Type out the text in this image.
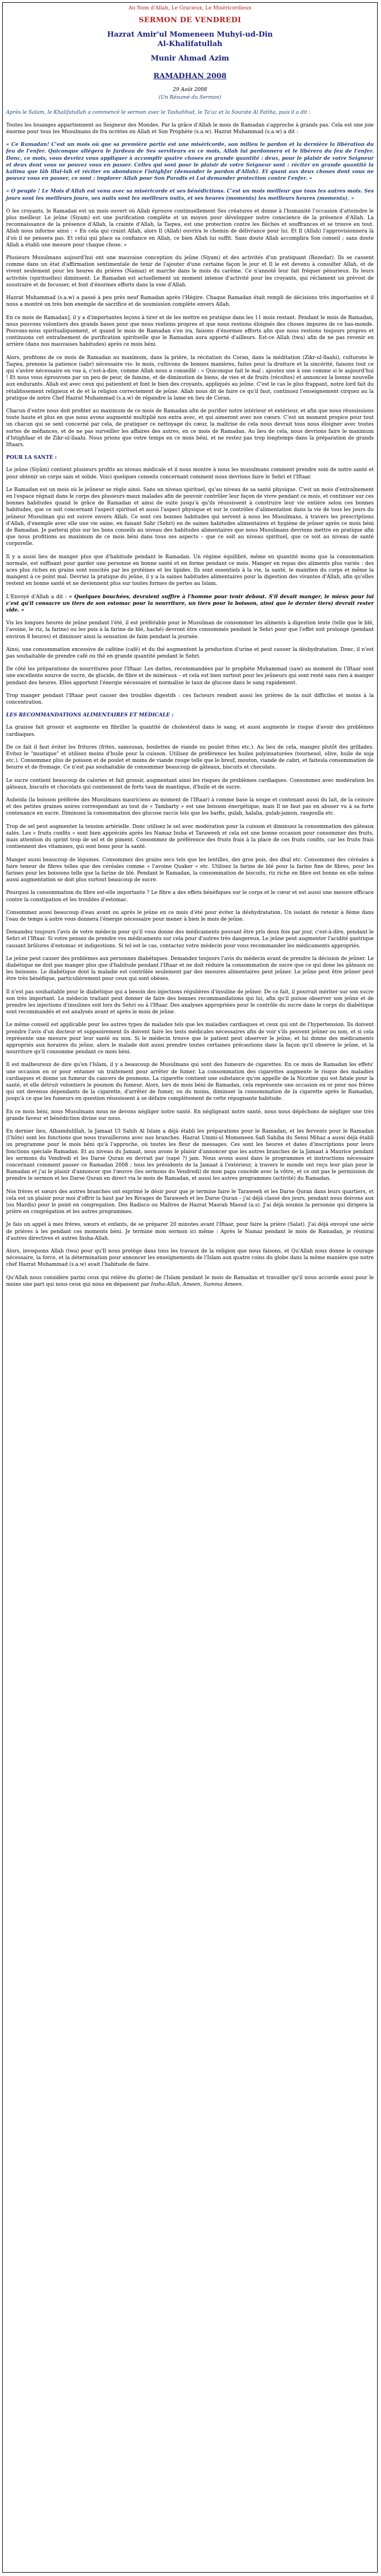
Au Nom d'Allah, Le Gracieux, Le Miséricordieux

SERMON DE VENDREDI

Hazrat Amir'ul Momeneen Muhyi-ud-Din

Al-Khalifatullah

Munir Ahmad Azim

RAMADHAN 2008

29 Août 2008

(Un Résumé du Sermon)

Après le Salam, le Khalifatullah a commencé le sermon avec le Tashahhud, le Ta'uz et la Sourate Al Fatiha, puis il a dit :

Toutes les louanges appartiennent au Seigneur des Mondes. Par la grâce d'Allah le mois de Ramadan s'approche à grands pas. Cela est une joie énorme pour tous les Musulmans de fra ncrètes en Allah et Son Prophète (s.a.w). Hazrat Muhammad (s.a.w) a dit :

« Ce Ramadan! C'est un mois où que sa première partie est une miséricorde, son milieu le pardon et la dernière la libération du feu de l'enfer. Quiconque allégera le fardeau de Ses serviteurs en ce mois, Allah lui pardonnera et le libérera du feu de l'enfer. Donc, ce mois, vous devriez vous appliquer à accomplir quatre choses en grande quantité : deux, pour le plaisir de votre Seigneur et deux dont vous ne pouvez vous en passer. Celles qui sont pour le plaisir de votre Seigneur sont : réciter en grande quantité la kalima que lâh illal-lah et réciter en abondance l'istighfar (demander le pardon d'Allah). Et quant aux deux choses dont vous ne pouvez vous en passer, ce sont : implorer Allah pour Son Paradis et Lui demander protection contre l'enfer. »

« O peuple ! Le Mois d'Allah est venu avec sa miséricorde et ses bénédictions. C'est un mois meilleur que tous les autres mois. Ses jours sont les meilleurs jours, ses nuits sont les meilleurs nuits, et ses heures (moments) les meilleurs heures (moments). »

O les croyants, le Ramadan est un mois ouvert où Allah éprouve continuellement Ses créatures et donne à l'humanité l'occasion d'atteindre le plus meilleur. Le jeûne (Siyam) est une purification complète et un moyen pour développer notre conscience de la présence d'Allah. La reconnaissance de la présence d'Allah, la crainte d'Allah, la Taqwa, est une protection contre les flèches et souffrances et se trouve en tout. Allah nous informe ainsi : « En cela qui craint Allah, alors Il (Allah) ouvrira le chemin de délivrance pour lui. Et Il (Allah) l'approvisionnera là d'où il ne pensera pas. Et celui qui place sa confiance en Allah, ce bien Allah lui suffit. Sans doute Allah accomplira Son conseil ; sans doute Allah a établi une mesure pour chaque chose. »

Plusieurs Musulmans aujourd'hui ont une mauvaise conception du jeûne (Siyam) et des activités d'un pratiquant (Rozedar). Ils se cassent comme dans un état d'affirmation sentimentale de tenir de l'ajouter d'une certaine façon le jour et Il le est devenu à consulter Allah, et de vivent seulement pour les heures du prières (Namaz) et marche dans le mois du carême. Ce n'annoté leur fait fréquer pénurieux. Ils leurs activités (spirituelles) diminuent. Le Ramadan est actuellement un moment intense d'activité pour les croyants, qui réclament un prévost de soustraire et de focusser, et font d'énormes efforts dans la voie d'Allah.

Hazrat Muhammad (s.a.w) a passé à peu près neuf Ramadan après l'Hégire. Chaque Ramadan était rempli de décisions très importantes et il nous a montré un très bon exemple de sacrifice et de soumission complète envers Allah.

En ce mois de Ramadan], il y a d'importantes leçons à tirer et de les mettre en pratique dans les 11 mois restant. Pendant le mois de Ramadan, nous pouvons volontiers des grands bases pour que nous restions propres et que nous restions éloignés des choses impures de ce bas-monde. Pouvons-nous spiritualiquement, et quand le mois de Ramadan s'en ira, faisons d'énormes efforts afin que nous restions toujours propres et continuons cet entraînement de purification spirituelle que le Ramadan aura apporté d'ailleurs. Est-ce Allah (twa) afin de ne pas revenir en arrière (dans nos mauvaises habitudes) après ce mois béni.

Alors, profitons de ce mois de Ramadan au maximum, dans la prière, la récitation du Coran, dans la méditation (Zikr-ul-llaahi), culturons le Taqwa, prenons la patience (sabr) nécessaire vis- le mois, cultivons de bonnes manières, faites pour la droiture et la sincérité, faisons tout ce qui s'avère nécessaire en vue à, c'est-à-dire, comme Allah nous a conseillé : « Quiconque fait le mal ; ajoutez une à une comme si le aujourd'hui ! Et nous vous éprouvons par un peu de peur, de famine, et de diminution de biens, de vies et de fruits (récoltes) et annoncez la bonne nouvelle aux endurants. Allah est avec ceux qui patientent et font le bien des croyants, appliqués au jeûne. C'est le cas le plus frappant, notre lord fait du rétablissement religieux et de et la religion correctement de jeûne. Allah nous dit de faire ce qu'il faut, continuez l'enseignement cirquez au la pratique de notre Chef Hazrat Muhammad (s.a.w) de répandre la lame en lieu de Coran.

Chacun d'entre nous doit profiter au maximum de ce mois de Ramadan afin de purifier notre intérieur et extérieur, et afin que nous réussissions toute haute et plus en que nous avons augmenté multiplié nos extra avec, et qui aimeront avec nos cœurs. C'est un moment propice pour tout un chacun qui se sent concerné par cela, de pratiquer ce nettoyage du cœur, la maîtrise de cela nous devrait tous nous éloigner avec toutes sortes de méfiances, et de ne pas surveiller les affaires des autres, en ce mois de Ramadan. Au lieu de cela, nous devrions faire le maximum d'Istighfaar et de Zikr-ul-llaahi. Nous prions que votre temps en ce mois béni, et ne restez pas trop longtemps dans la préparation de grands Iftaars.

POUR LA SANTÉ :

Le jeûne (Siyâm) contient plusieurs profits au niveau médicale et il nous montre à nous les musulmans comment prendre soin de notre santé et pour obtenir un corps sain et solide. Voici quelques conseils concernant comment nous devrions faire le Sehri et l'Iftaar.

Le Ramadan est un mois où le jeûneur se règle ainsi. Sans un niveau spirituel, qu'au niveau de sa santé physique. C'est un mois d'entraînement en l'espace régnait dans le corps des plusieurs maux malades afin de pouvoir contrôler leur façon de vivre pendant ce mois, et continuer sur ces bonnes habitudes quand le grâce de Ramadan et ainsi de suite jusqu'à qu'ils réussissent à construire leur vie entière selon ces bonnes habitudes, que ce soit concernant l'aspect spirituel et aussi l'aspect physique et sur le contrôles d'alimentation dans la vie de tous les jours du jeûneur Musulman qui est suivre envers Allah. Ce sont ces bonnes habitudes qui servent à nous les Musulmans, à travers les prescriptions d'Allah, d'exemple avec elle une vie saine, en faisant Sahr (Sehri) en de saines habitudes alimentaires et hygiène de jeûner après ce mois béni de Ramadan. Je parlerai plus sur les bons conseils au niveau des habitudes alimentaires que nous Musulmans devrions mettre en pratique afin que nous profitions au maximum de ce mois béni dans tous ses aspects – que ce soit au niveau spirituel, que ce soit au niveau de santé corporelle.

Il y a aussi lieu de manger plus que d'habitude pendant le Ramadan. Un régime équilibré, même en quantité moins que la consommation normale, est suffisant pour garder une personne en bonne santé et en forme pendant ce mois. Manger en repas des aliments plus variés : des aces plus riches en grains sont suscités par les protéines et les lipides. Ils sont essentiels à la vie, la santé, le maintien du corps et même la mangent à ce point mal. Devriez la pratique du jeûne, il y a la saines habitudes alimentaires pour la digestion des vivantes d'Allah, afin qu'elles restent en bonne santé et ne deviennent plus sur toutes formes de pertes au Islam.

L'Envoyé d'Allah a dit : « Quelques bouchées, devraient suffire à l'homme pour tenir debout. S'il devait manger, le mieux pour lui c'est qu'il consacre un tiers de son estomac pour la nourriture, un tiers pour la boisson, ainsi que le dernier tiers) devrait rester vide. »

Vis les longues heures de jeûne pendant l'été, il est préférable pour le Musulman de consommer les aliments à digestion lente (telle que le blé, l'avoine, le riz, la farine) ou les pois à la farine de blé, haché) devront être consommés pendant le Sehri pour que l'effet soit prolongé (pendant environ 8 heures) et diminuer ainsi la sensation de faim pendant la journée.

Ainsi, une consommation excessive de caféine (café) et du thé augmentent la production d'urine et peut causer la déshydratation. Donc, il n'est pas souhaitable de prendre café ou thé en grande quantité pendant le Sehri.

De côté les préparations de nourritures pour l'Iftaar. Les dattes, recommandées par le prophète Muhammad (saw) au moment de l'Iftaar sont une excellente source de sucre, de glucide, de fibre et de minéraux – et cela est bien surtout pour les jeûneurs qui sont resté sans rien à manger pendant des heures. Elles apportent l'énergie nécessaire et normalise le taux de glucose dans le sang rapidement.

Trop manger pendant l'Iftaar peut causer des troubles digestifs : ces facteurs rendent aussi les prières de la nuit difficiles et moins à la concentration.

LES RECOMMANDATIONS ALIMENTAIRES ET MÉDICALE :

La graisse fait grossir et augmente en fibriller la quantité de cholestérol dans le sang, et aussi augmente le risque d'avoir des problèmes cardiaques.

De ce fait il faut éviter les fritures (frites, samousas, boulettes de viande ou poulet frites etc.). Au lieu de cela, mangez plutôt des grillades. Evitez le "mustique" et utilisez moins d'huile pour la cuisson. Utilisez de préférence les huiles polyinsaturées (tournesol, olive, huile de soja etc.). Consommez plus de poisson et de poulet et moins de viande rouge telle que le breuf, mouton, viande de cabri, et faitesla consommation de beurre et de fromage. Ce n'est pas souhaitable de consommer beaucoup de gâteaux, biscuits et chocolats.

Le sucre contient beaucoup de calories et fait grossir, augmentant ainsi les risques de problèmes cardiaques. Consommez avec modération les gâteaux, biscuits et chocolats qui contiennent de forts taux de mantique, d'huile et de sucre.

Aubeida (la boisson préférée des Musulmans mauriciens au moment de l'Iftaar) à comme base la soupe et contenant aussi du lait, de la ceinure et des petites graines noires correspondant au tout de « Tambarty » est une boisson énergétique, mais Il ne faut pas en abuser vu à sa forte contenance en sucre. Diminuez la consommation des glucose raccis tels que les barfis, gulab, halalia, gulab-jamun, rasgoulla etc.

Trop de sel peut augmenter la tension artérielle. Donc utilisez le sel avec modération pour la cuisson et diminuez la consommation des gâteaux salés. Les « fruits confits » sont bien appréciés après les Namaz Issha et Taraweeh et cela est une bonne occasion pour consommer des fruits, mais attention du sprint trop de sel et de piment. Consommez de préférence des fruits frais à la place de ces fruits confits, car les fruits frais contiennent des vitamines, qui sont bons pour la santé.

Manger aussi beaucoup de légumes. Consommez des grains secs tels que les lentilles, des gros pois, des dhal etc. Consommez des céréales à faire teneur de fibres telles que des céréales comme « l'avoine Quaker » etc. Utilisez la farine de blé pour la farine fine de fibres, pour les farines pour les boissons telle que la farine de blé. Pendant le Ramadan, la consommation de biscuits, riz riche en fibre est bonne en elle même aussi augmentation se doit plus surtout beaucoup de sucre.

Pourquoi la consommation du fibre est-elle importante ? Le fibre a des effets bénéfiques sur le corps et le cœur et est aussi une mesure efficace contre la constipation et les troubles d'estomac.

Consommez aussi beaucoup d'eau avant ou après le jeûne en ce mois d'été pour éviter la déshydratation. Un isolant de retenir à 8ème dans l'eau de temps à autre vous donnera l'énergie nécessaire pour mener à bien le mois de jeûne.

Demandez toujours l'avis de votre médecin pour qu'il vous donne des médicaments pouvant être pris deux fois par jour, c'est-à-dire, pendant le Sehri et l'Iftaar. Si votre pensez de prendre vos médicaments sur cela pour d'autres très dangereux. Le jeûne peut augmenter l'acidité gastrique causant brûlures d'estomac et indigestions. Si tel est le cas, contactez votre médecin pour vous recommander les médicaments appropriés.

Le jeûne peut causer des problèmes aux personnes diabétiques. Demandez toujours l'avis du médecin avant de prendre la décision de jeûner. Le diabétique ne doit pas manger plus que d'habitude pendant l'Iftaar et ne doit réduire la consommation de sucre que ce qui done les gâteaux ou les boissons. Le diabétique dont la maladie est contrôlée seulement par des mesures alimentaires peut jeûner. Le jeûne peut être jeûner peut être très bénéfique, particulièrement pour ceux qui sont obèses.

Il n'est pas souhaitable pour le diabétique qui a besoin des injections régulières d'insuline de jeûner. De ce fait, il pourrait mériter sur son sucre son très important. Le médecin traitant peut donner de faire des bonnes recommandations qui lui, afin qu'il puisse observer son jeûne et de prendre les injections d'insulines soit lors du Sehri ou à l'Iftaar. Des analyses appropriées pour le contrôle du sucre dans le corps du diabétique sont recommandés et est analysés avant et après le mois de jeûne.

Le même conseil est applicable pour les autres types de malades tels que les maladies cardiaques et ceux qui ont de l'hypertension. Ils doivent prendre l'avis d'un docteur et suppsoirement ils doivent faire les tests médicales nécessaires afin de voir s'ils peuvent jeûner ou non, et si cela représente une mesure pour leur santé ou non. Si le médecin trouve que le patient peut observer le jeûne, et lui donne des médicaments appropriés aux horaires du jeûne, alors le malade doit aussi prendre toutes certaines précautions dans la façon qu'il observe le jeûne, et la nourriture qu'il consomme pendant ce mois béni.

Il est malheureux de dire qu'en l'Islam, il y a beaucoup de Musulmans qui sont des fumeurs de cigarettes. En ce mois de Ramadan les effets' une occasion en or pour entamer un traitement pour arrêter de fumer. La consommation des cigarettes augmente le risque des maladies cardiaques et donne un fumeur du cancers de poumons. La cigarette contient une substance qu'on appelle de la Nicotine qui est fatale pour la santé, et elle détruit volontiers le poumon du fumeur. Alors, lors de mois béni de Ramadan, cela représente une occasion en or pour nos frères qui ont devenus dépendants de la cigarette, d'arrêter de fumer, ou du moins, diminuer la consommation de la cigarette après le Ramadan, jusqu'à ce que les fumeurs en question réussissent à se défaire complètement de cette répugnante habitude.

En ce mois béni, nous Musulmans nous ne devons négliger notre santé. En négligeant notre santé, nous nous dépêchons de négliger une très grande faveur et bénédiction divine sur nous.

En dernier lieu, Alhamdulillah, la Jamaat Ul Sahih Al Islam a déjà établi les préparations pour le Ramadan, et les fervents pour le Ramadan (l'hôte) sont les fonctions que nous travaillerons avec nos branches. Hazrat Ummi-ul Momeneen Safi Sahiba du Sensi Mihaz a aussi déjà établi un programme pour le mois béni qu'à l'approche, où toutes les fleur de messages. Ces sont les heures et dates d'inscriptions pour leurs fonctions spéciale Ramadan. Et au niveau du Jamaat, nous avons le plaisir d'annoncer que les autres branches de la Jamaat à Maurice pendant les sermons du Vendredi et les Darse Quran en devrait par (sapé ?) jam. Nous avons aussi dans le programmes et instructions nécessaire concernant comment passer ce Ramadan 2008 ; tous les présidents de la Jamaat à l'extérieur, à travers le monde ont reçu leur plan pour le Ramadan et j'ai le plaisir d'annoncer que l'œuvre (les sermons du Vendredi) de mon papa concède avec la vôtre, et ce ont pas le permission de prendre le sermon et les Darse Quran en direct via le mois de Ramadan, et aussi les autres programmes (activité) du Ramadan.

Nos frères et sœurs des autres branches ont exprimé le désir pour que je termine faire le Taraweeh et les Darse Quran dans leurs quartiers, et cela est un plaisir pour moi d'offrir la haut par les Rivages de Taraweeh et les Darse Quran – j'ai déjà classé des jours, pendant nous doivons aux (ou Mardis) pour le point en congregation. Des Radisco ou Maîtres de Hazrat Masrah Masud (a.s). J'ai déjà soumis la personne qui dirigera la prière en congrégation et les autres programmes.

Je fais un appel à mes frères, sœurs et enfants, de se préparer 20 minutes avant l'Iftaar, pour faire la prière (Salat). J'ai déjà envoyé une série de prières à les pendant ces moments béni. Je termine mon sermon ici même : Après le Namaz pendant le mois de Ramadan, je réunirai d'autres directives et autres Insha-Allah.

Alors, invoquons Allah (twa) pour qu'Il nous protège dans tous les travaux de la religion que nous faisons, et Qu'Allah nous donne le courage nécessaire, la force, et la détermination pour annoncer les enseignements de l'Islam aux quatre coins du globe dans la même manière que notre chef Hazrat Muhammad (s.a.w) avait l'habitude de faire.

Qu'Allah nous considère parmi ceux qui relève du glorie) de l'Islam pendant le mois de Ramadan et travailler qu'il nous accorde aussi pour le moins une part qui nous ceux qui nous en dépassent par Insha-Allah, Ameen, Summa Ameen.
